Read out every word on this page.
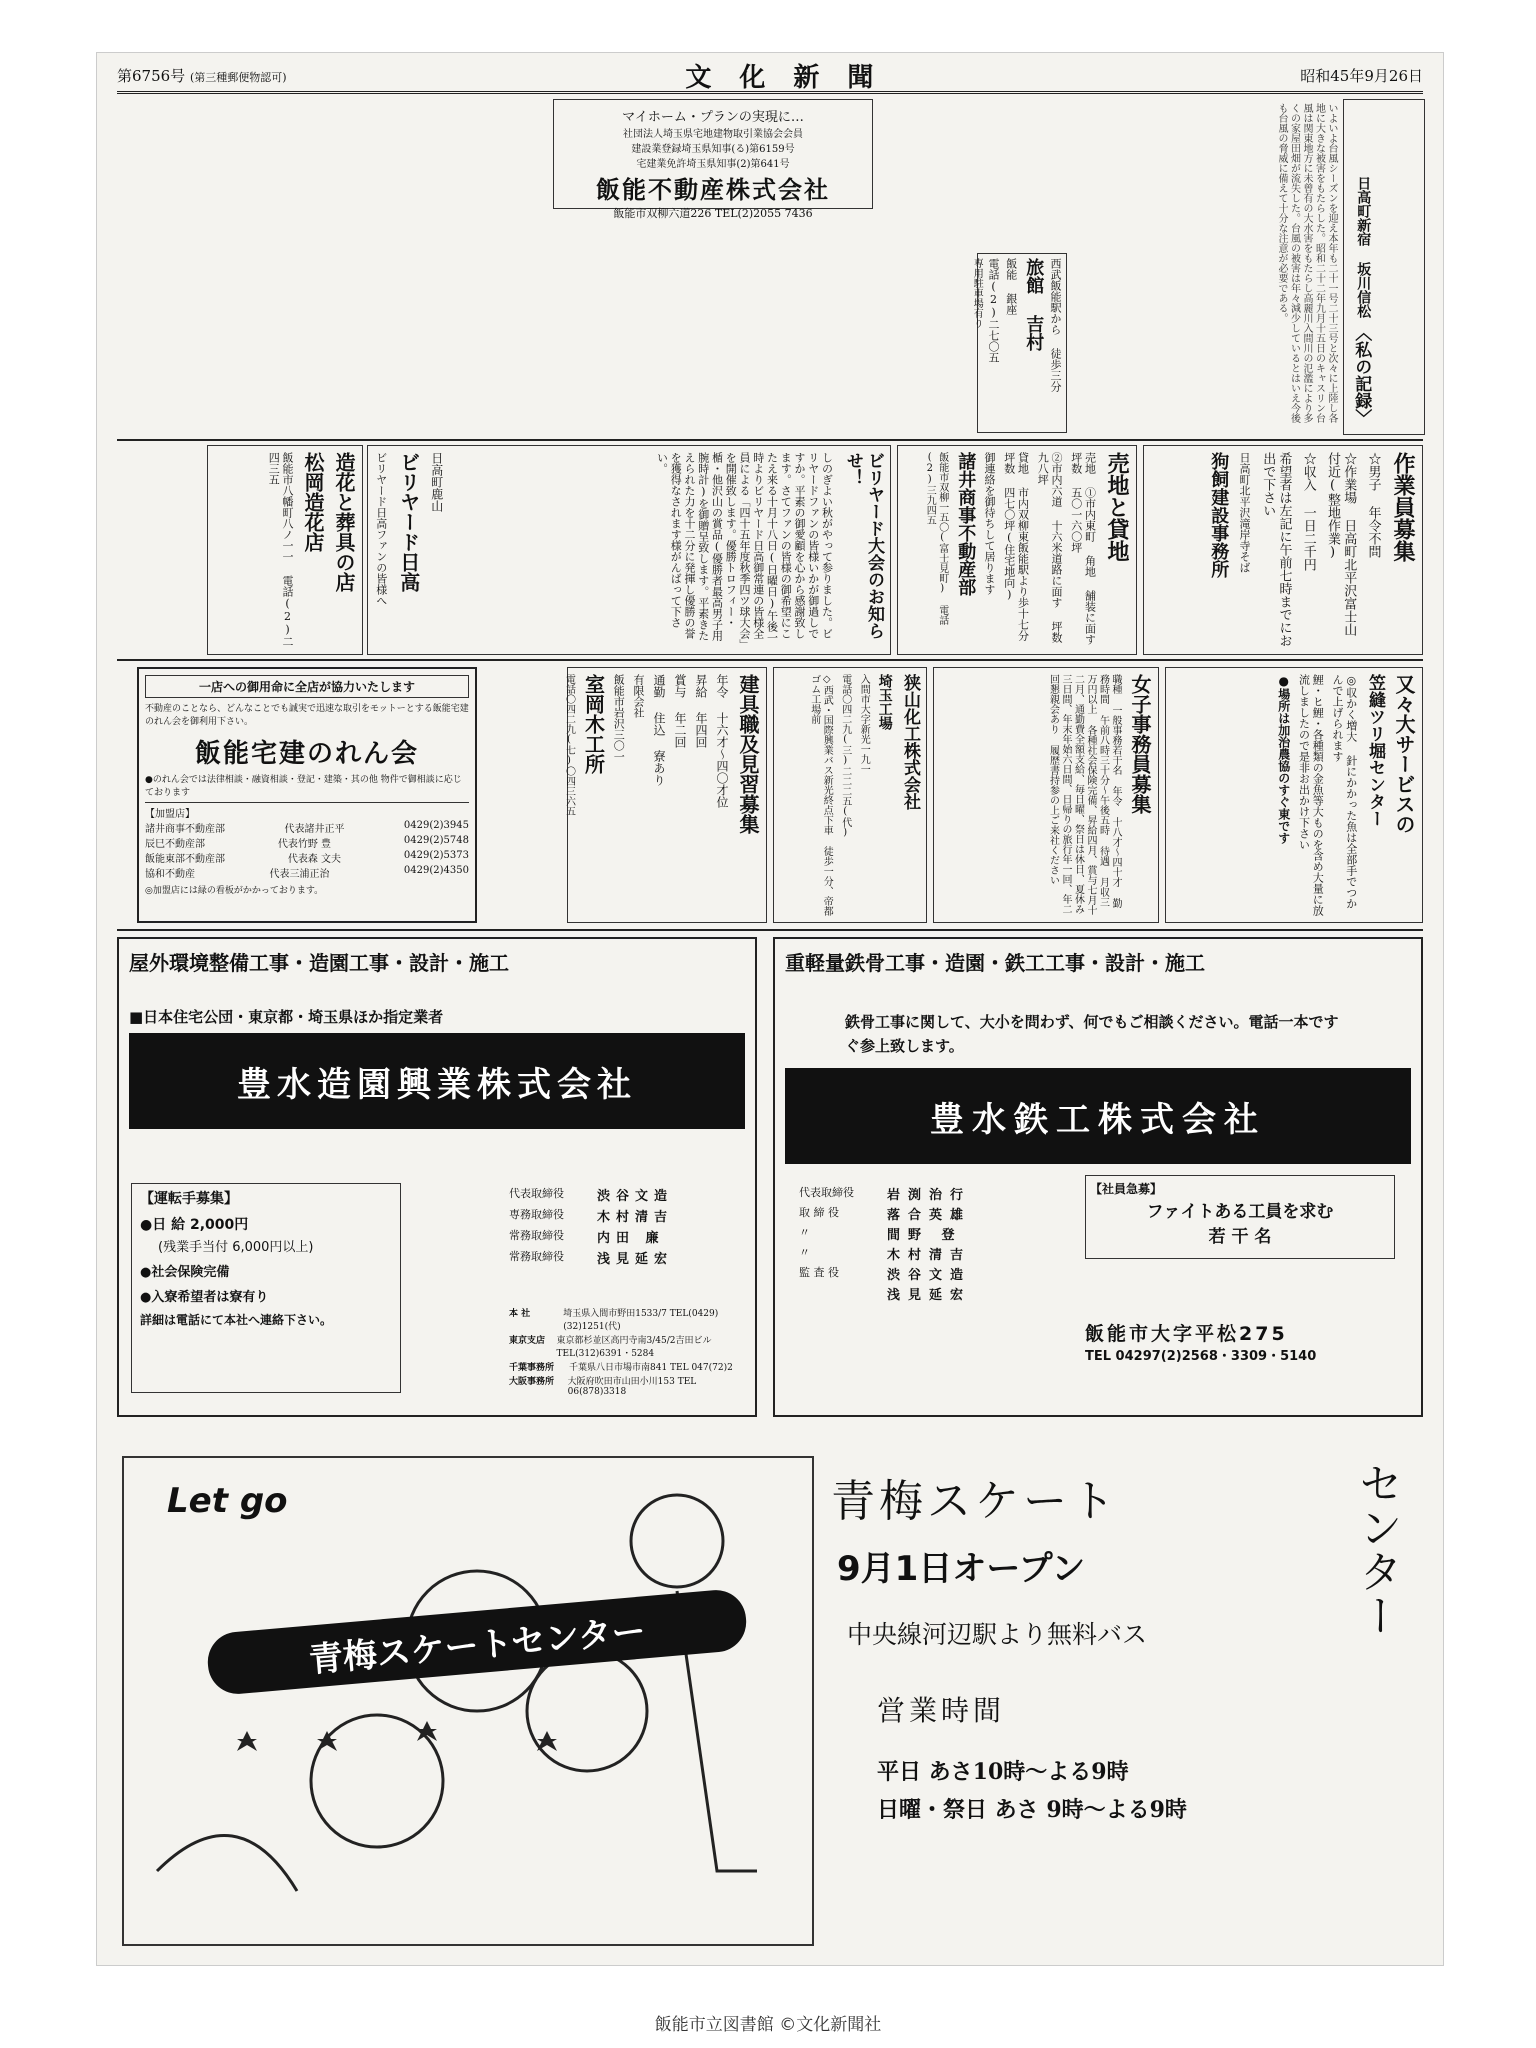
第6756号 (第三種郵便物認可)	文化新聞	昭和45年9月26日
〈私の記録〉
日高町新宿 坂川信松
いよいよ台風シーズンを迎え本年も二十一号二十三号と次々に上陸し各地に大きな被害をもたらした。昭和二十二年九月十五日のキャスリン台風は関東地方に未曾有の大水害をもたらし高麗川入間川の氾濫により多くの家屋田畑が流失した。台風の被害は年々減少しているとはいえ今後も台風の脅威に備えて十分な注意が必要である。
マイホーム・プランの実現に…
社団法人埼玉県宅地建物取引業協会会員
建設業登録埼玉県知事(る)第6159号
宅建業免許埼玉県知事(2)第641号
飯能不動産株式会社
飯能市双柳六道226 TEL(2)2055 7436
西武飯能駅から 徒歩三分
旅館 吉村
飯能 銀座
電話(2)二七〇五
専用駐車場有り
作業員募集
☆男子 年令不問
☆作業場 日高町北平沢富士山付近(整地作業)
☆収入 一日二千円
希望者は左記に午前七時までにお出で下さい
日高町北平沢滝岸寺そば
狗飼建設事務所
売地と貸地
売地 ①市内東町 角地 舗装に面す 坪数 五〇一六〇坪
②市内六道 十六米道路に面す 坪数 九八坪
貸地 市内双柳東飯能駅より歩十七分 坪数 四七〇坪(住宅地向)
御連絡を御待ちして居ります
諸井商事不動産部
飯能市双柳一五〇(富士見町) 電話(2)三九四五
ビリヤード大会のお知らせ！
しのぎよい秋がやって参りました。ビリヤードファンの皆様いかが御過しですか。平素の御愛顧を心から感謝致します。さてファンの皆様の御希望にこたえ来る十月十八日(日曜日)午後一時よりビリヤード日高御常連の皆様全員による「四十五年度秋季四ツ球大会」を開催致します。優勝トロフィー・楯・他沢山の賞品(優勝者最高男子用腕時計)を御贈呈致します。平素きたえられた力を十二分に発揮し優勝の誉を獲得なされます様がんばって下さい。
日高町鹿山
ビリヤード日高
ビリヤード日高ファンの皆様へ
造花と葬具の店
松岡造花店
飯能市八幡町八ノ一一 電話(2)二四三五
一店への御用命に全店が協力いたします
不動産のことなら、どんなことでも誠実で迅速な取引をモットーとする飯能宅建のれん会を御利用下さい。
飯能宅建のれん会
●のれん会では法律相談・融資相談・登記・建築・其の他 物件で御相談に応じております
【加盟店】
諸井商事不動産部	代表諸井正平	0429(2)3945
辰巳不動産部	代表竹野 豊	0429(2)5748
飯能東部不動産部	代表森 文夫	0429(2)5373
協和不動産	代表三浦正治	0429(2)4350
◎加盟店には緑の看板がかかっております。
建具職及見習募集
年令 十六才〜四〇才位
昇給 年四回
賞与 年二回
通勤 住込 寮あり
有限会社
飯能市岩沢三〇一
室岡木工所
電話〇四二九(七)〇四三六五	狭山化工株式会社
埼玉工場
入間市大字新光一九一
電話〇四二九(三)二二二五(代)
◇西武・国際興業バス新光終点下車 徒歩一分、帝都ゴム工場前	女子事務員募集
職種 一般事務若干名 年令 十八才〜四十才 勤務時間 午前八時三十分〜午後五時 待遇 月収三万円以上 各種社会保険完備、昇給四月、賞与七月十二月、通勤費全額支給、毎日曜、祭日は休日、夏休み三日間、年末年始六日間、日帰りの旅行年一回、年二回懇親会あり 履歴書持参の上ご来社ください	又々大サービスの
笠縫ツリ堀センター
◎収かく増大 針にかかった魚は全部手でつかんで上げられます
鯉・ヒ鯉・各種類の金魚等大ものを含め大量に放流しましたので是非お出かけ下さい
●場所は加治農協のすぐ東です
屋外環境整備工事・造園工事・設計・施工
■日本住宅公団・東京都・埼玉県ほか指定業者
豊水造園興業株式会社
【運転手募集】
●日 給 2,000円
(残業手当付 6,000円以上)
●社会保険完備
●入寮希望者は寮有り
詳細は電話にて本社へ連絡下さい。
代表取締役	渋谷文造
専務取締役	木村清吉
常務取締役	内田 廉
常務取締役	浅見延宏
本 社	埼玉県入間市野田1533/7 TEL(0429)(32)1251(代)
東京支店	東京都杉並区高円寺南3/45/2吉田ビル TEL(312)6391・5284
千葉事務所	千葉県八日市場市南841 TEL 047(72)2
大阪事務所	大阪府吹田市山田小川153 TEL 06(878)3318
重軽量鉄骨工事・造園・鉄工工事・設計・施工
鉄骨工事に関して、大小を問わず、何でもご相談ください。電話一本ですぐ参上致します。
豊水鉄工株式会社
代表取締役	岩渕治行
取 締 役	落合英雄
〃	間野 登
〃	木村清吉
監 査 役	渋谷文造
浅見延宏
【社員急募】
ファイトある工員を求む
若 干 名
飯能市大字平松275
TEL 04297(2)2568・3309・5140
Let go
青梅スケートセンター
青梅スケート	センター
9月1日オープン
中央線河辺駅より無料バス
営業時間
平日 あさ10時〜よる9時
日曜・祭日 あさ 9時〜よる9時
飯能市立図書館 ©文化新聞社
